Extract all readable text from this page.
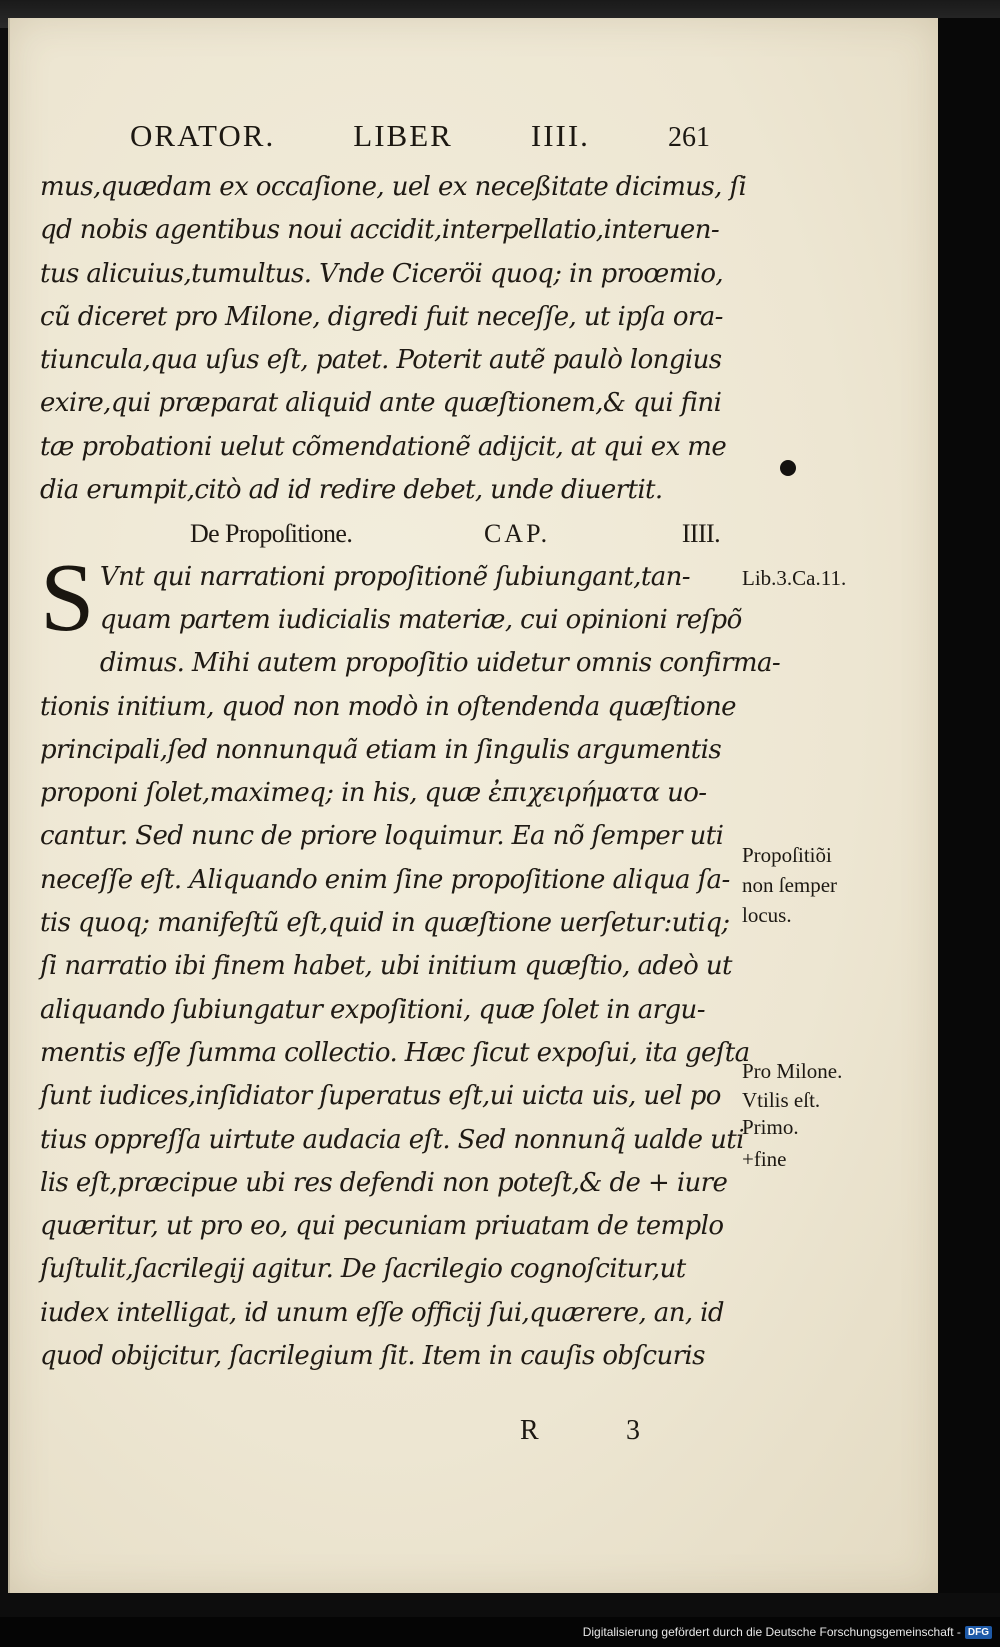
ORATOR.	LIBER	IIII.	261
mus,quædam ex occaſione, uel ex neceßitate dicimus, ſi
qd nobis agentibus noui accidit,interpellatio,interuen-
tus alicuius,tumultus. Vnde Ciceröi quoq; in proœmio,
cũ diceret pro Milone, digredi fuit neceſſe, ut ipſa ora-
tiuncula,qua uſus eſt, patet. Poterit autẽ paulò longius
exire,qui præparat aliquid ante quæſtionem,& qui fini
tæ probationi uelut cõmendationẽ adijcit, at qui ex me
dia erumpit,citò ad id redire debet, unde diuertit.
De Propoſitione.	CAP.	IIII.
S Vnt qui narrationi propoſitionẽ ſubiungant,tan-
quam partem iudicialis materiæ, cui opinioni reſpõ
dimus. Mihi autem propoſitio uidetur omnis confirma-
tionis initium, quod non modò in oſtendenda quæſtione
principali,ſed nonnunquã etiam in ſingulis argumentis
proponi ſolet,maximeq; in his, quæ ἐπιχειρήματα uo-
cantur. Sed nunc de priore loquimur. Ea nõ ſemper uti
neceſſe eſt. Aliquando enim ſine propoſitione aliqua ſa-
tis quoq; manifeſtũ eſt,quid in quæſtione uerſetur:utiq;
ſi narratio ibi finem habet, ubi initium quæſtio, adeò ut
aliquando ſubiungatur expoſitioni, quæ ſolet in argu-
mentis eſſe ſumma collectio. Hæc ſicut expoſui, ita geſta
ſunt iudices,inſidiator ſuperatus eſt,ui uicta uis, uel po
tius oppreſſa uirtute audacia eſt. Sed nonnunq̃ ualde uti
lis eſt,præcipue ubi res defendi non poteſt,& de + iure
quæritur, ut pro eo, qui pecuniam priuatam de templo
ſuſtulit,ſacrilegij agitur. De ſacrilegio cognoſcitur,ut
iudex intelligat, id unum eſſe officij ſui,quærere, an, id
quod obijcitur, ſacrilegium ſit. Item in cauſis obſcuris
Lib.3.Ca.11.
Propoſitiõi
non ſemper
locus.
Pro Milone.
Vtilis eſt.
Primo.
+fine
R	3
Digitalisierung gefördert durch die Deutsche Forschungsgemeinschaft - DFG
